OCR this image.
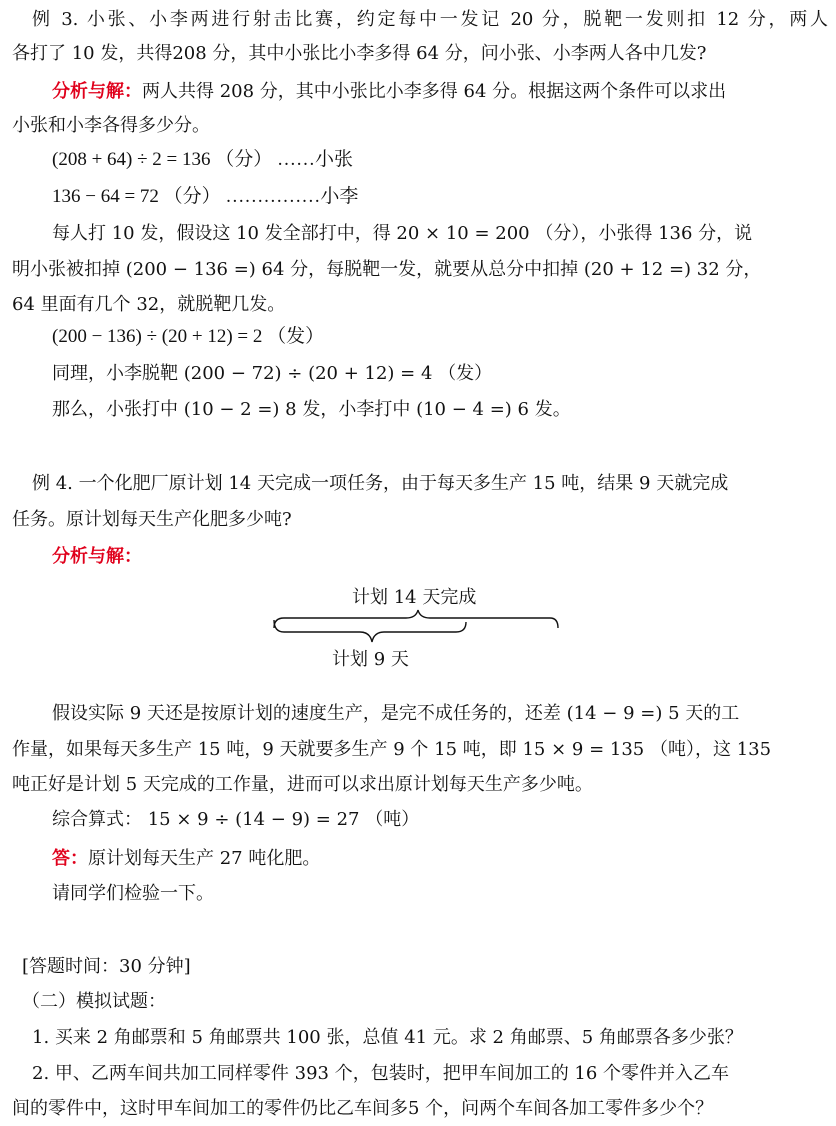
例 3. 小张、小李两进行射击比赛，约定每中一发记 20 分，脱靶一发则扣 12 分，两人
各打了 10 发，共得208 分，其中小张比小李多得 64 分，问小张、小李两人各中几发?
分析与解：两人共得 208 分，其中小张比小李多得 64 分。根据这两个条件可以求出
小张和小李各得多少分。
(208 + 64) ÷ 2 = 136 （分） ……小张
136 − 64 = 72 （分） ……………小李
每人打 10 发，假设这 10 发全部打中，得 20 × 10 = 200 （分），小张得 136 分，说
明小张被扣掉 (200 − 136 =) 64 分，每脱靶一发，就要从总分中扣掉 (20 + 12 =) 32 分，
64 里面有几个 32，就脱靶几发。
(200 − 136) ÷ (20 + 12) = 2 （发）
同理，小李脱靶 (200 − 72) ÷ (20 + 12) = 4 （发）
那么，小张打中 (10 − 2 =) 8 发，小李打中 (10 − 4 =) 6 发。
例 4. 一个化肥厂原计划 14 天完成一项任务，由于每天多生产 15 吨，结果 9 天就完成
任务。原计划每天生产化肥多少吨?
分析与解：
计划 14 天完成
计划 9 天
假设实际 9 天还是按原计划的速度生产，是完不成任务的，还差 (14 − 9 =) 5 天的工
作量，如果每天多生产 15 吨，9 天就要多生产 9 个 15 吨，即 15 × 9 = 135 （吨），这 135
吨正好是计划 5 天完成的工作量，进而可以求出原计划每天生产多少吨。
综合算式： 15 × 9 ÷ (14 − 9) = 27 （吨）
答：原计划每天生产 27 吨化肥。
请同学们检验一下。
[答题时间：30 分钟]
（二）模拟试题：
1. 买来 2 角邮票和 5 角邮票共 100 张，总值 41 元。求 2 角邮票、5 角邮票各多少张？
2. 甲、乙两车间共加工同样零件 393 个，包装时，把甲车间加工的 16 个零件并入乙车
间的零件中，这时甲车间加工的零件仍比乙车间多5 个，问两个车间各加工零件多少个？
